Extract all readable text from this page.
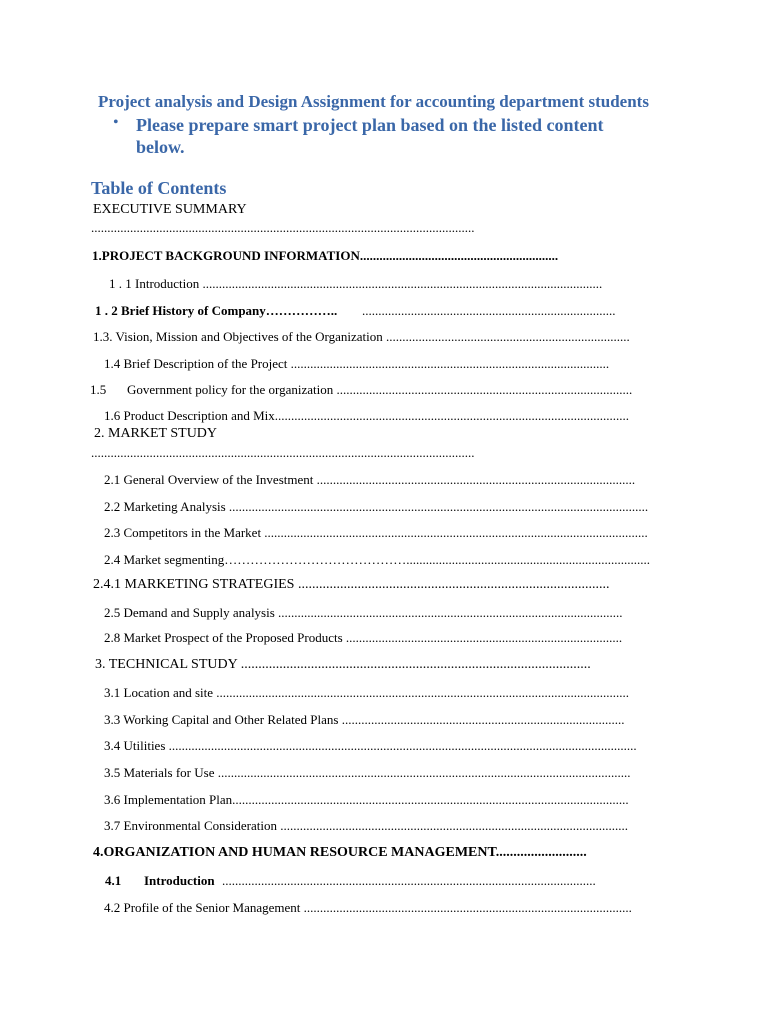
Project analysis and Design Assignment for accounting department students
• Please prepare smart project plan based on the listed content below.
Table of Contents
EXECUTIVE SUMMARY
......................................................................................................................
1.PROJECT BACKGROUND INFORMATION.............................................................
1 . 1 Introduction ...........................................................................................................................
1 . 2 Brief History of Company…………….. ..............................................................................
1.3. Vision, Mission and Objectives of the Organization ...........................................................................
1.4 Brief Description of the Project ..................................................................................................
1.5 Government policy for the organization ...........................................................................................
1.6 Product Description and Mix.............................................................................................................
2. MARKET STUDY
......................................................................................................................
2.1 General Overview of the Investment ..................................................................................................
2.2 Marketing Analysis .................................................................................................................................
2.3 Competitors in the Market ......................................................................................................................
2.4 Market segmenting……………………………………...........................................................................
2.4.1 MARKETING STRATEGIES .........................................................................................
2.5 Demand and Supply analysis ..........................................................................................................
2.8 Market Prospect of the Proposed Products .....................................................................................
3. TECHNICAL STUDY ....................................................................................................
3.1 Location and site ...............................................................................................................................
3.3 Working Capital and Other Related Plans .......................................................................................
3.4 Utilities ................................................................................................................................................
3.5 Materials for Use ...............................................................................................................................
3.6 Implementation Plan..........................................................................................................................
3.7 Environmental Consideration ...........................................................................................................
4.ORGANIZATION AND HUMAN RESOURCE MANAGEMENT..........................
4.1 Introduction ...................................................................................................................
4.2 Profile of the Senior Management .....................................................................................................
